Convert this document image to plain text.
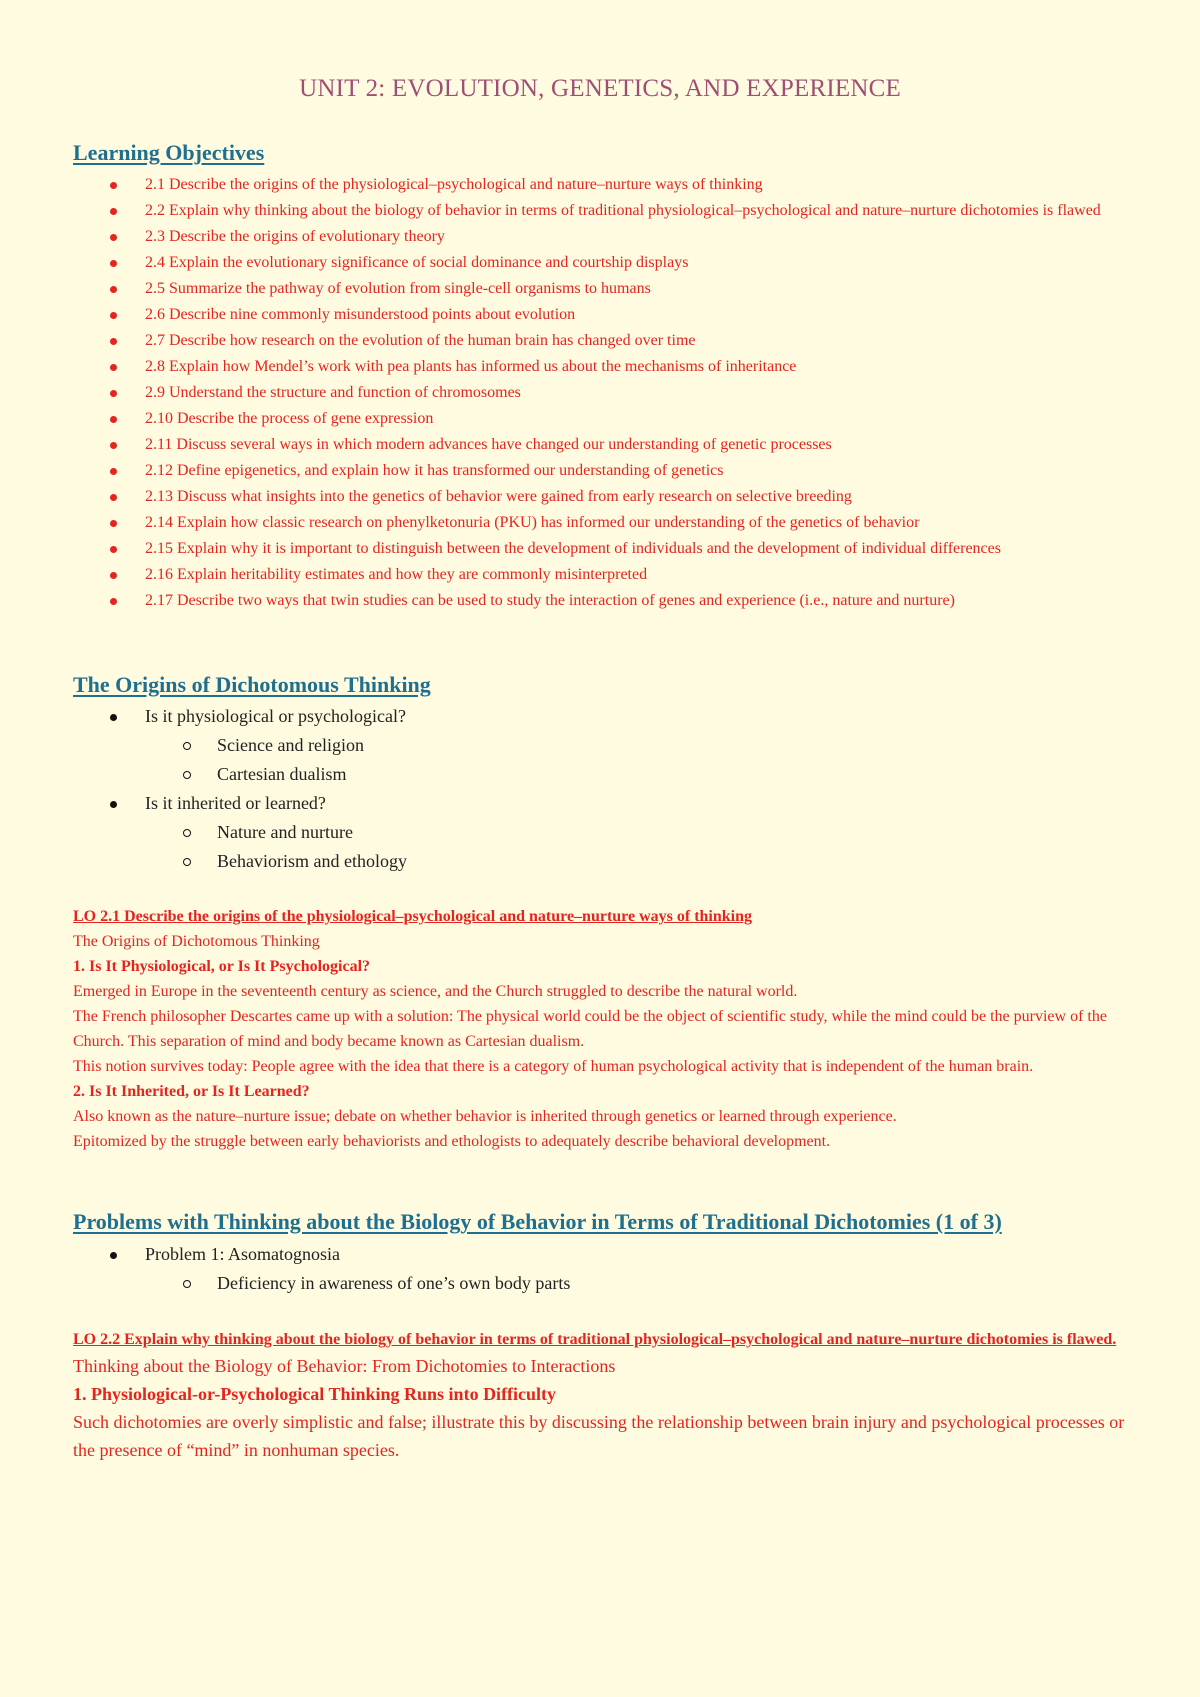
UNIT 2: EVOLUTION, GENETICS, AND EXPERIENCE
Learning Objectives
2.1 Describe the origins of the physiological–psychological and nature–nurture ways of thinking
2.2 Explain why thinking about the biology of behavior in terms of traditional physiological–psychological and nature–nurture dichotomies is flawed
2.3 Describe the origins of evolutionary theory
2.4 Explain the evolutionary significance of social dominance and courtship displays
2.5 Summarize the pathway of evolution from single-cell organisms to humans
2.6 Describe nine commonly misunderstood points about evolution
2.7 Describe how research on the evolution of the human brain has changed over time
2.8 Explain how Mendel’s work with pea plants has informed us about the mechanisms of inheritance
2.9 Understand the structure and function of chromosomes
2.10 Describe the process of gene expression
2.11 Discuss several ways in which modern advances have changed our understanding of genetic processes
2.12 Define epigenetics, and explain how it has transformed our understanding of genetics
2.13 Discuss what insights into the genetics of behavior were gained from early research on selective breeding
2.14 Explain how classic research on phenylketonuria (PKU) has informed our understanding of the genetics of behavior
2.15 Explain why it is important to distinguish between the development of individuals and the development of individual differences
2.16 Explain heritability estimates and how they are commonly misinterpreted
2.17 Describe two ways that twin studies can be used to study the interaction of genes and experience (i.e., nature and nurture)
The Origins of Dichotomous Thinking
Is it physiological or psychological?
Science and religion
Cartesian dualism
Is it inherited or learned?
Nature and nurture
Behaviorism and ethology

LO 2.1 Describe the origins of the physiological–psychological and nature–nurture ways of thinking

The Origins of Dichotomous Thinking

1. Is It Physiological, or Is It Psychological?

Emerged in Europe in the seventeenth century as science, and the Church struggled to describe the natural world.

The French philosopher Descartes came up with a solution: The physical world could be the object of scientific study, while the mind could be the purview of the Church. This separation of mind and body became known as Cartesian dualism.

This notion survives today: People agree with the idea that there is a category of human psychological activity that is independent of the human brain.

2. Is It Inherited, or Is It Learned?

Also known as the nature–nurture issue; debate on whether behavior is inherited through genetics or learned through experience.

Epitomized by the struggle between early behaviorists and ethologists to adequately describe behavioral development.

Problems with Thinking about the Biology of Behavior in Terms of Traditional Dichotomies (1 of 3)
Problem 1: Asomatognosia
Deficiency in awareness of one’s own body parts

LO 2.2 Explain why thinking about the biology of behavior in terms of traditional physiological–psychological and nature–nurture dichotomies is flawed.

Thinking about the Biology of Behavior: From Dichotomies to Interactions

1. Physiological-or-Psychological Thinking Runs into Difficulty

Such dichotomies are overly simplistic and false; illustrate this by discussing the relationship between brain injury and psychological processes or the presence of “mind” in nonhuman species.
